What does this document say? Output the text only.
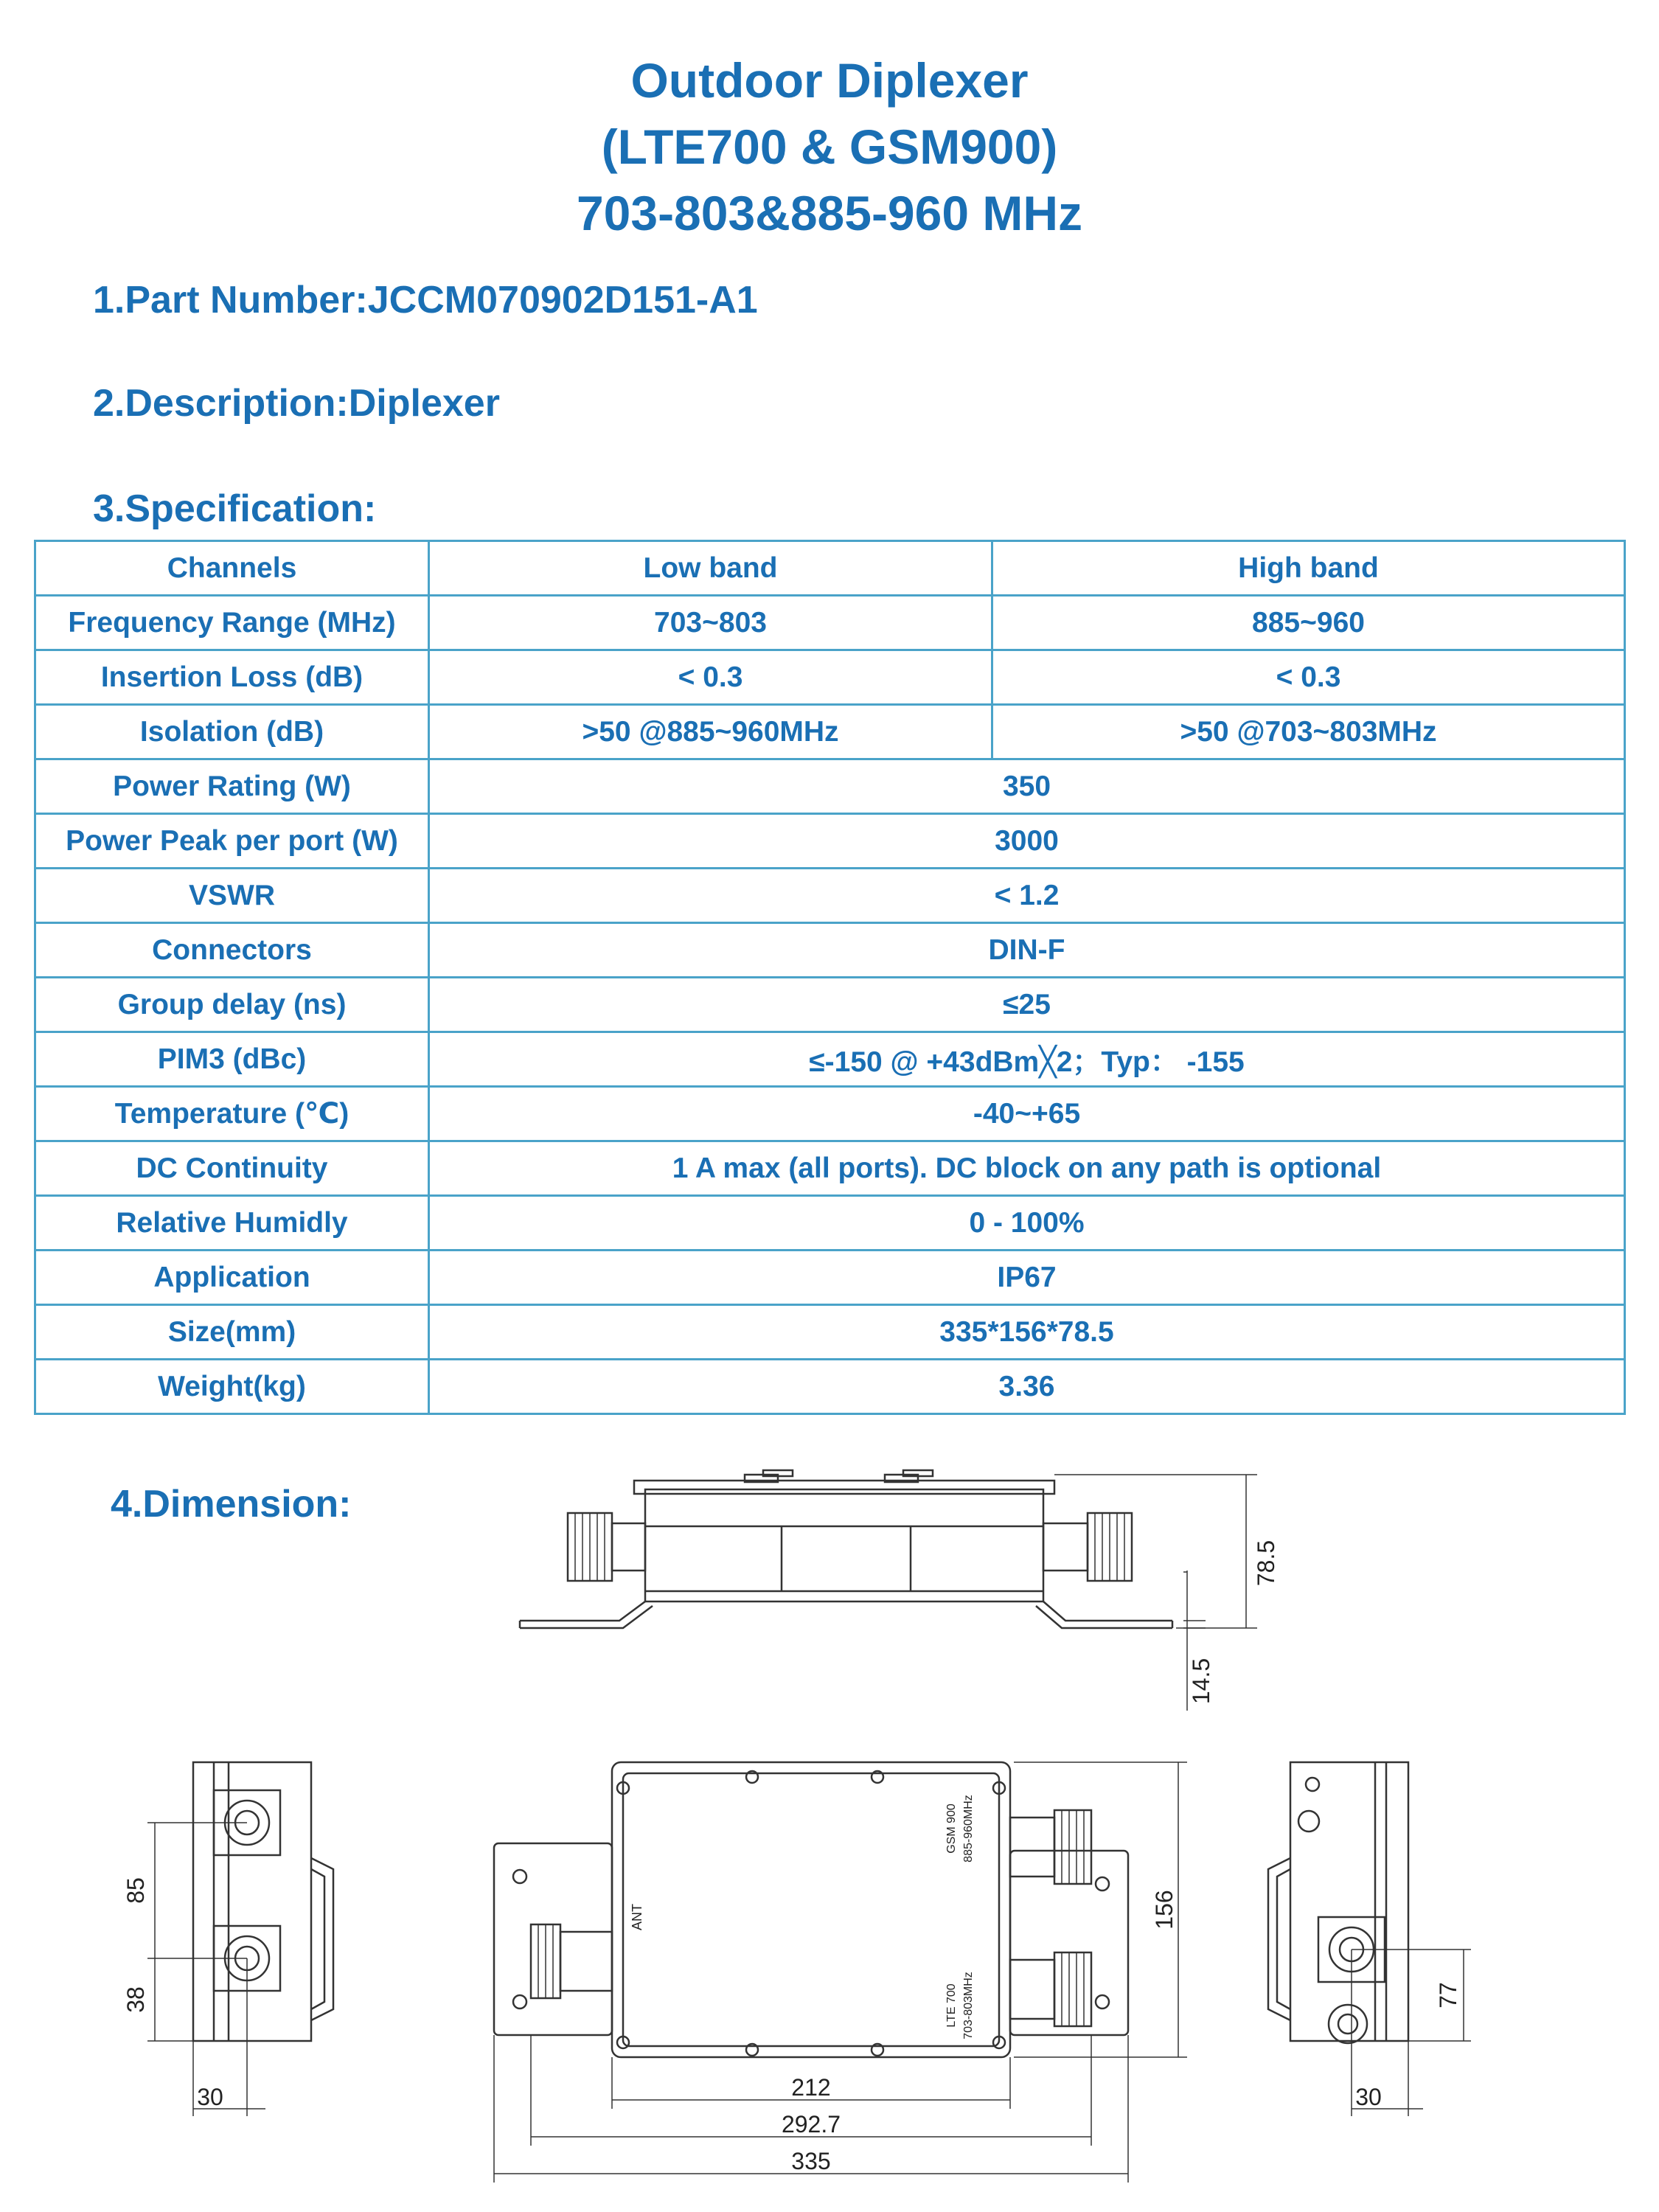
Outdoor Diplexer
(LTE700 & GSM900)
703-803&885-960 MHz
1.Part Number:JCCM070902D151-A1
2.Description:Diplexer
3.Specification:
Channels	Low band	High band
Frequency Range (MHz)	703~803	885~960
Insertion Loss (dB)	< 0.3	< 0.3
Isolation (dB)	>50 @885~960MHz	>50 @703~803MHz
Power Rating (W)	350	
Power Peak per port (W)	3000	
VSWR	< 1.2	
Connectors	DIN-F	
Group delay (ns)	≤25	
PIM3 (dBc)	≤-150 @ +43dBm╳2；Typ： -155	
Temperature (℃)	-40~+65	
DC Continuity	1 A max (all ports). DC block on any path is optional	
Relative Humidly	0 - 100%	
Application	IP67	
Size(mm)	335*156*78.5	
Weight(kg)	3.36	
4.Dimension:
78.5
14.5
85
38
30
156
212
292.7
335
ANT
GSM 900 885-960MHz
LTE 700 703-803MHz	77
30
